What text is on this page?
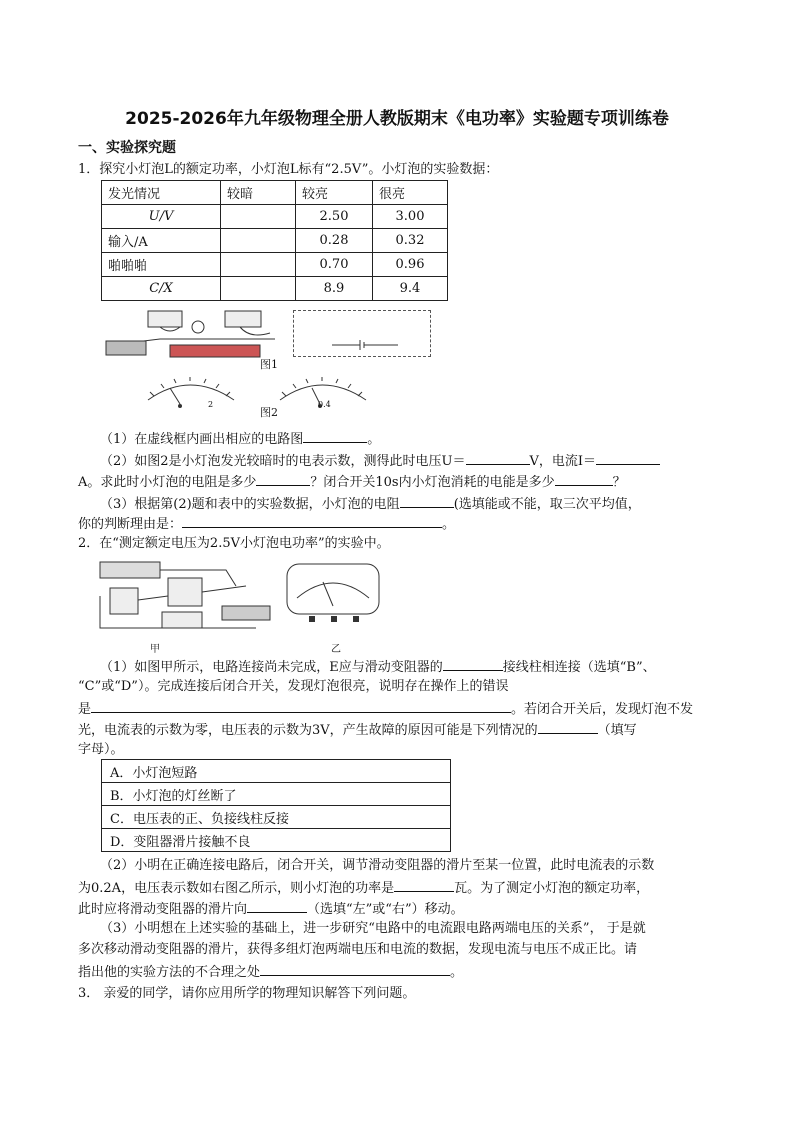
2025-2026年九年级物理全册人教版期末《电功率》实验题专项训练卷
一、实验探究题
1．探究小灯泡L的额定功率，小灯泡L标有“2.5V”。小灯泡的实验数据：
发光情况	较暗	较亮	很亮
U/V		2.50	3.00
输入/A		0.28	0.32
啪啪啪		0.70	0.96
C/X		8.9	9.4
图1
2	0.4
图2
（1）在虚线框内画出相应的电路图	。
（2）如图2是小灯泡发光较暗时的电表示数，测得此时电压U＝	V，电流I＝
A。求此时小灯泡的电阻是多少	？闭合开关10s内小灯泡消耗的电能是多少	？
（3）根据第(2)题和表中的实验数据，小灯泡的电阻	(选填能或不能，取三次平均值，
你的判断理由是：	。
2．在“测定额定电压为2.5V小灯泡电功率”的实验中。
甲	乙
（1）如图甲所示，电路连接尚未完成，E应与滑动变阻器的	接线柱相连接（选填“B”、
“C”或“D”）。完成连接后闭合开关，发现灯泡很亮，说明存在操作上的错误
是	。若闭合开关后，发现灯泡不发
光，电流表的示数为零，电压表的示数为3V，产生故障的原因可能是下列情况的	（填写
字母）。
A．小灯泡短路
B．小灯泡的灯丝断了
C．电压表的正、负接线柱反接
D．变阻器滑片接触不良
（2）小明在正确连接电路后，闭合开关，调节滑动变阻器的滑片至某一位置，此时电流表的示数
为0.2A，电压表示数如右图乙所示，则小灯泡的功率是	瓦。为了测定小灯泡的额定功率，
此时应将滑动变阻器的滑片向	（选填“左”或“右”）移动。
（3）小明想在上述实验的基础上，进一步研究“电路中的电流跟电路两端电压的关系”， 于是就
多次移动滑动变阻器的滑片，获得多组灯泡两端电压和电流的数据，发现电流与电压不成正比。请
指出他的实验方法的不合理之处	。
3． 亲爱的同学，请你应用所学的物理知识解答下列问题。
